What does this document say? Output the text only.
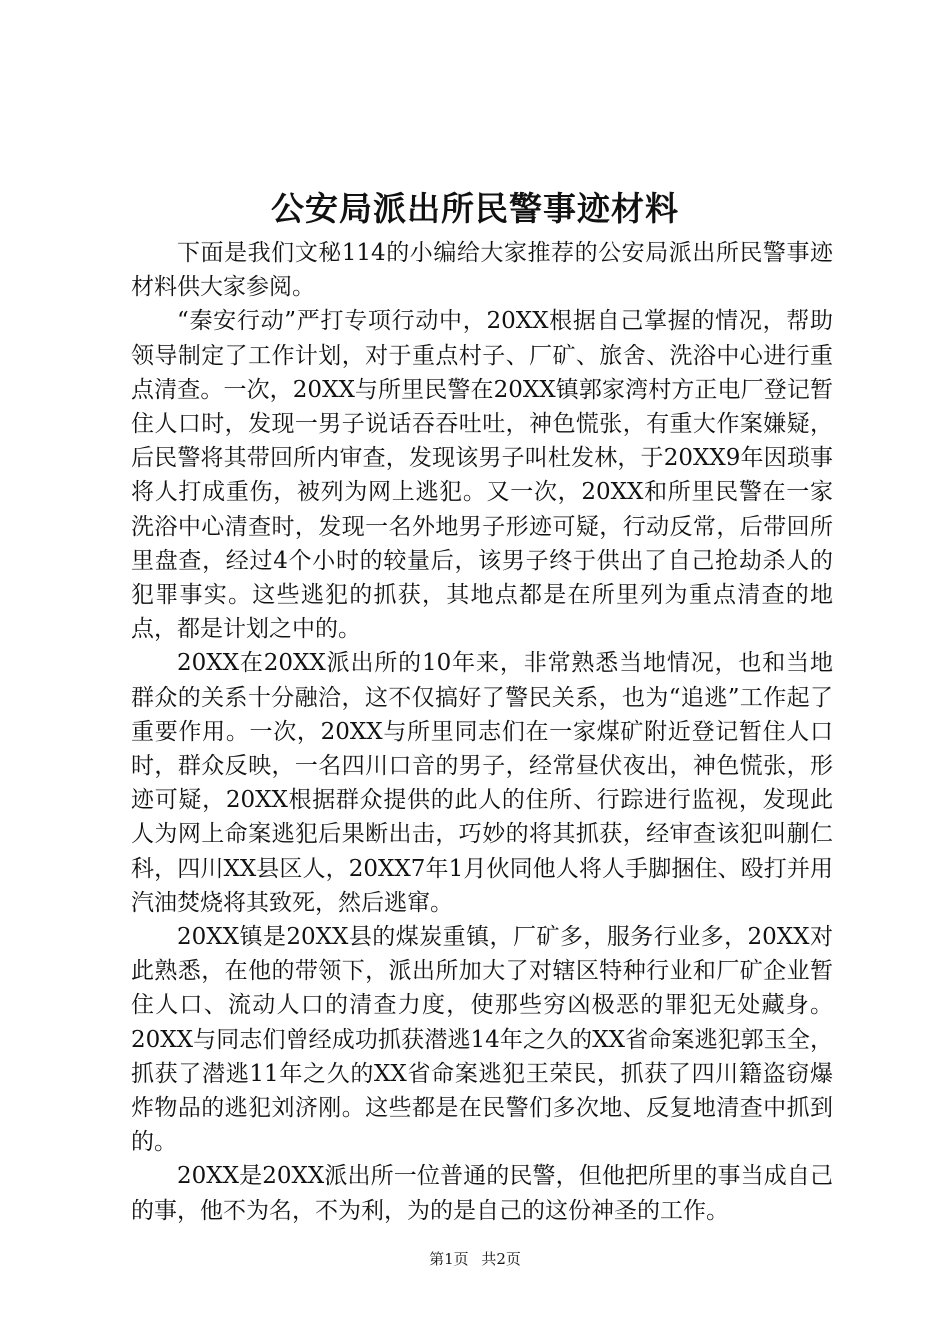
公安局派出所民警事迹材料

下面是我们文秘114的小编给大家推荐的公安局派出所民警事迹材料供大家参阅。

“秦安行动”严打专项行动中，20XX根据自己掌握的情况，帮助领导制定了工作计划，对于重点村子、厂矿、旅舍、洗浴中心进行重点清查。一次，20XX与所里民警在20XX镇郭家湾村方正电厂登记暂住人口时，发现一男子说话吞吞吐吐，神色慌张，有重大作案嫌疑，后民警将其带回所内审查，发现该男子叫杜发林，于20XX9年因琐事将人打成重伤，被列为网上逃犯。又一次，20XX和所里民警在一家洗浴中心清查时，发现一名外地男子形迹可疑，行动反常，后带回所里盘查，经过4个小时的较量后，该男子终于供出了自己抢劫杀人的犯罪事实。这些逃犯的抓获，其地点都是在所里列为重点清查的地点，都是计划之中的。

20XX在20XX派出所的10年来，非常熟悉当地情况，也和当地群众的关系十分融洽，这不仅搞好了警民关系，也为“追逃”工作起了重要作用。一次，20XX与所里同志们在一家煤矿附近登记暂住人口时，群众反映，一名四川口音的男子，经常昼伏夜出，神色慌张，形迹可疑，20XX根据群众提供的此人的住所、行踪进行监视，发现此人为网上命案逃犯后果断出击，巧妙的将其抓获，经审查该犯叫蒯仁科，四川XX县区人，20XX7年1月伙同他人将人手脚捆住、殴打并用汽油焚烧将其致死，然后逃窜。

20XX镇是20XX县的煤炭重镇，厂矿多，服务行业多，20XX对此熟悉，在他的带领下，派出所加大了对辖区特种行业和厂矿企业暂住人口、流动人口的清查力度，使那些穷凶极恶的罪犯无处藏身。20XX与同志们曾经成功抓获潜逃14年之久的XX省命案逃犯郭玉全，抓获了潜逃11年之久的XX省命案逃犯王荣民，抓获了四川籍盗窃爆炸物品的逃犯刘济刚。这些都是在民警们多次地、反复地清查中抓到的。

20XX是20XX派出所一位普通的民警，但他把所里的事当成自己的事，他不为名，不为利，为的是自己的这份神圣的工作。

第1页 共2页
